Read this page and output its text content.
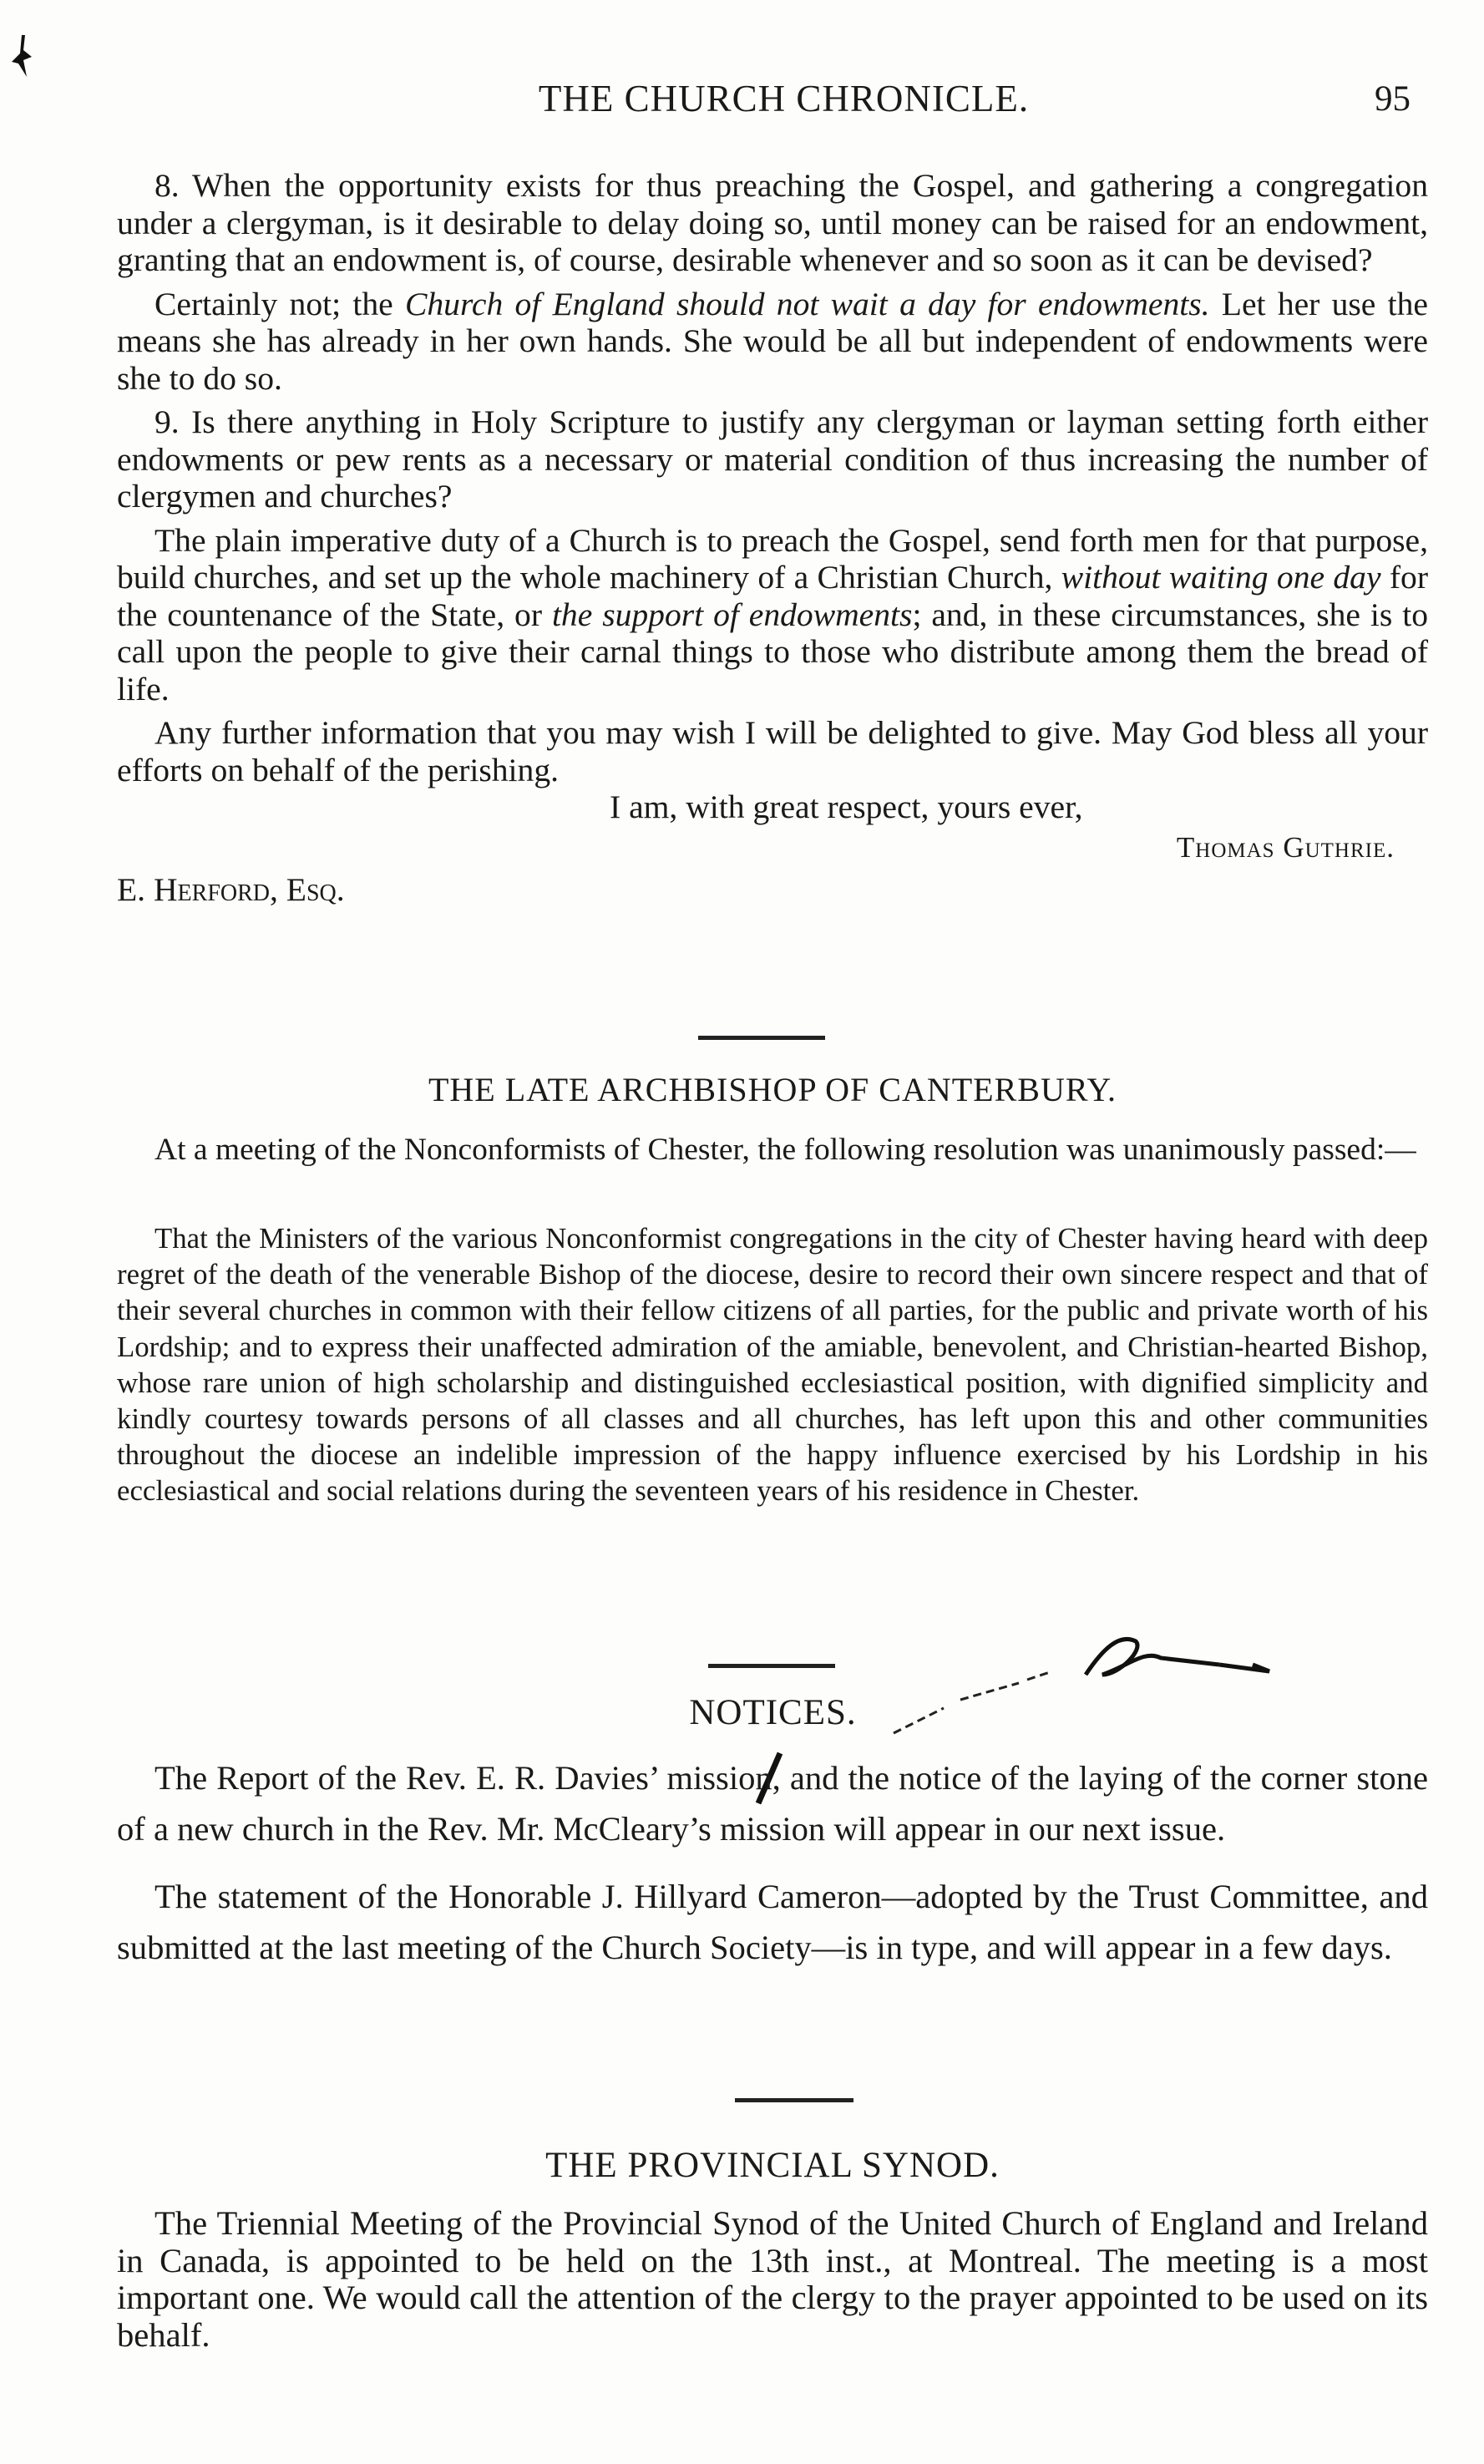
THE CHURCH CHRONICLE.	95

8. When the opportunity exists for thus preaching the Gospel, and gathering a congregation under a clergyman, is it desirable to delay doing so, until money can be raised for an endowment, granting that an endowment is, of course, desirable whenever and so soon as it can be devised?

Certainly not; the Church of England should not wait a day for endowments. Let her use the means she has already in her own hands. She would be all but independent of endowments were she to do so.

9. Is there anything in Holy Scripture to justify any clergyman or layman setting forth either endowments or pew rents as a necessary or material condition of thus increasing the number of clergymen and churches?

The plain imperative duty of a Church is to preach the Gospel, send forth men for that purpose, build churches, and set up the whole machinery of a Christian Church, without waiting one day for the countenance of the State, or the support of endowments; and, in these circumstances, she is to call upon the people to give their carnal things to those who distribute among them the bread of life.

Any further information that you may wish I will be delighted to give. May God bless all your efforts on behalf of the perishing.

I am, with great respect, yours ever,
Thomas Guthrie.
E. Herford, Esq.
THE LATE ARCHBISHOP OF CANTERBURY.

At a meeting of the Nonconformists of Chester, the following resolution was unanimously passed:—

That the Ministers of the various Nonconformist congregations in the city of Chester having heard with deep regret of the death of the venerable Bishop of the diocese, desire to record their own sincere respect and that of their several churches in common with their fellow citizens of all parties, for the public and private worth of his Lordship; and to express their unaffected admiration of the amiable, benevolent, and Christian-hearted Bishop, whose rare union of high scholarship and distinguished ecclesiastical position, with dignified simplicity and kindly courtesy towards persons of all classes and all churches, has left upon this and other communities throughout the diocese an indelible impression of the happy influence exercised by his Lordship in his ecclesiastical and social relations during the seventeen years of his residence in Chester.

NOTICES.

The Report of the Rev. E. R. Davies’ mission, and the notice of the laying of the corner stone of a new church in the Rev. Mr. McCleary’s mission will appear in our next issue.

The statement of the Honorable J. Hillyard Cameron—adopted by the Trust Committee, and submitted at the last meeting of the Church Society—is in type, and will appear in a few days.

THE PROVINCIAL SYNOD.

The Triennial Meeting of the Provincial Synod of the United Church of England and Ireland in Canada, is appointed to be held on the 13th inst., at Montreal. The meeting is a most important one. We would call the attention of the clergy to the prayer appointed to be used on its behalf.
